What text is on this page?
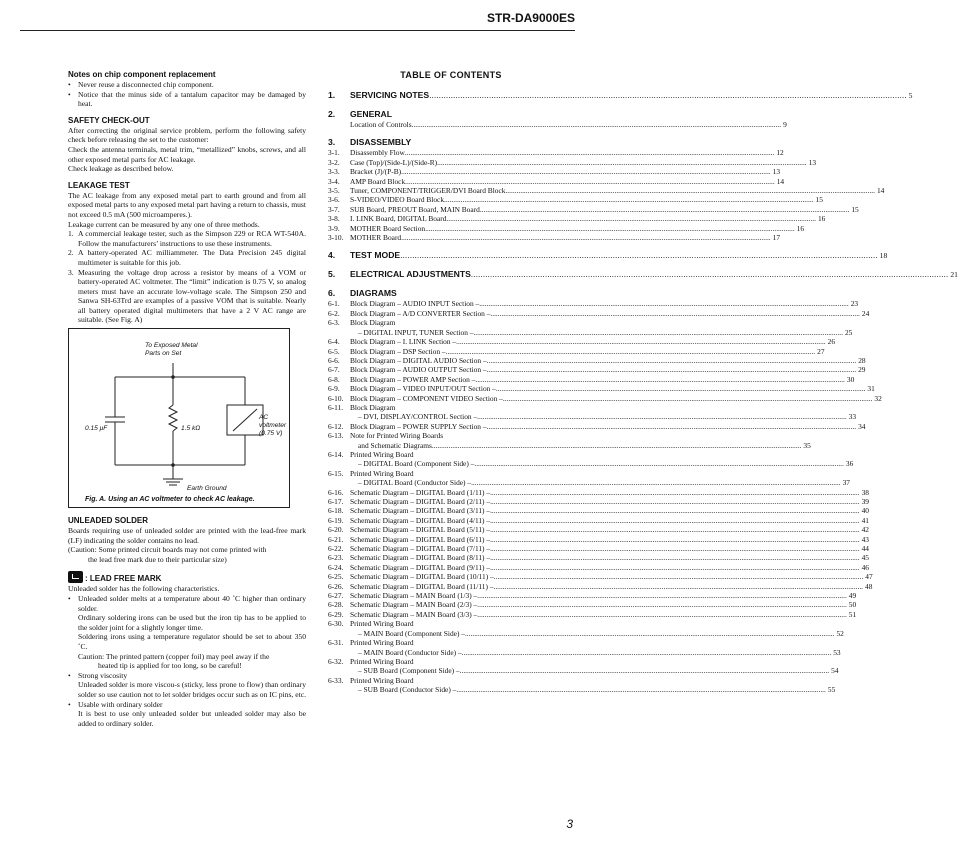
STR-DA9000ES

Notes on chip component replacement

• Never reuse a disconnected chip component.

• Notice that the minus side of a tantalum capacitor may be damaged by heat.

SAFETY CHECK-OUT

After correcting the original service problem, perform the following safety check before releasing the set to the customer:

Check the antenna terminals, metal trim, “metallized” knobs, screws, and all other exposed metal parts for AC leakage.

Check leakage as described below.

LEAKAGE TEST

The AC leakage from any exposed metal part to earth ground and from all exposed metal parts to any exposed metal part having a return to chassis, must not exceed 0.5 mA (500 microamperes.).

Leakage current can be measured by any one of three methods.

1. A commercial leakage tester, such as the Simpson 229 or RCA WT-540A. Follow the manufacturers’ instructions to use these instruments.

2. A battery-operated AC milliammeter. The Data Precision 245 digital multimeter is suitable for this job.

3. Measuring the voltage drop across a resistor by means of a VOM or battery-operated AC voltmeter. The “limit” indication is 0.75 V, so analog meters must have an accurate low-voltage scale. The Simpson 250 and Sanwa SH-63Trd are examples of a passive VOM that is suitable. Nearly all battery operated digital multimeters that have a 2 V AC range are suitable. (See Fig. A)

To Exposed Metal
Parts on Set
0.15 μF	1.5 kΩ
AC
voltmeter
(0.75 V)
Earth Ground
Fig. A. Using an AC voltmeter to check AC leakage.

UNLEADED SOLDER

Boards requiring use of unleaded solder are printed with the lead-free mark (LF) indicating the solder contains no lead.

(Caution: Some printed circuit boards may not come printed with

the lead free mark due to their particular size)

: LEAD FREE MARK

Unleaded solder has the following characteristics.

• Unleaded solder melts at a temperature about 40 ˚C higher than ordinary solder.

Ordinary soldering irons can be used but the iron tip has to be applied to the solder joint for a slightly longer time.

Soldering irons using a temperature regulator should be set to about 350 ˚C.

Caution: The printed pattern (copper foil) may peel away if the

heated tip is applied for too long, so be careful!

• Strong viscosity

Unleaded solder is more viscou-s (sticky, less prone to flow) than ordinary solder so use caution not to let solder bridges occur such as on IC pins, etc.

• Usable with ordinary solder

It is best to use only unleaded solder but unleaded solder may also be added to ordinary solder.

TABLE OF CONTENTS
1.	SERVICING NOTES ........................................................................................................................................................................................................ 5
2.	GENERAL
Location of Controls ........................................................................................................................................................................................................ 9
3.	DISASSEMBLY
3-1.	Disassembly Flow ........................................................................................................................................................................................................ 12
3-2.	Case (Top)/(Side-L)/(Side-R) ........................................................................................................................................................................................................ 13
3-3.	Bracket (J)/(P-B) ........................................................................................................................................................................................................ 13
3-4.	AMP Board Block ........................................................................................................................................................................................................ 14
3-5.	Tuner, COMPONENT/TRIGGER/DVI Board Block ........................................................................................................................................................................................................ 14
3-6.	S-VIDEO/VIDEO Board Block ........................................................................................................................................................................................................ 15
3-7.	SUB Board, PREOUT Board, MAIN Board ........................................................................................................................................................................................................ 15
3-8.	I. LINK Board, DIGITAL Board ........................................................................................................................................................................................................ 16
3-9.	MOTHER Board Section ........................................................................................................................................................................................................ 16
3-10. MOTHER Board ........................................................................................................................................................................................................ 17
4.	TEST MODE ........................................................................................................................................................................................................ 18
5.	ELECTRICAL ADJUSTMENTS ........................................................................................................................................................................................................ 21
6.	DIAGRAMS
6-1.	Block Diagram – AUDIO INPUT Section – ........................................................................................................................................................................................................ 23
6-2.	Block Diagram – A/D CONVERTER Section – ........................................................................................................................................................................................................ 24
6-3.	Block Diagram
– DIGITAL INPUT, TUNER Section – ........................................................................................................................................................................................................ 25
6-4.	Block Diagram – I. LINK Section – ........................................................................................................................................................................................................ 26
6-5.	Block Diagram – DSP Section – ........................................................................................................................................................................................................ 27
6-6.	Block Diagram – DIGITAL AUDIO Section – ........................................................................................................................................................................................................ 28
6-7.	Block Diagram – AUDIO OUTPUT Section – ........................................................................................................................................................................................................ 29
6-8.	Block Diagram – POWER AMP Section – ........................................................................................................................................................................................................ 30
6-9.	Block Diagram – VIDEO INPUT/OUT Section – ........................................................................................................................................................................................................ 31
6-10. Block Diagram – COMPONENT VIDEO Section – ........................................................................................................................................................................................................ 32
6-11. Block Diagram
– DVI, DISPLAY/CONTROL Section – ........................................................................................................................................................................................................ 33
6-12. Block Diagram – POWER SUPPLY Section – ........................................................................................................................................................................................................ 34
6-13. Note for Printed Wiring Boards
and Schematic Diagrams ........................................................................................................................................................................................................ 35
6-14. Printed Wiring Board
– DIGITAL Board (Component Side) – ........................................................................................................................................................................................................ 36
6-15. Printed Wiring Board
– DIGITAL Board (Conductor Side) – ........................................................................................................................................................................................................ 37
6-16. Schematic Diagram – DIGITAL Board (1/11) – ........................................................................................................................................................................................................ 38
6-17. Schematic Diagram – DIGITAL Board (2/11) – ........................................................................................................................................................................................................ 39
6-18. Schematic Diagram – DIGITAL Board (3/11) – ........................................................................................................................................................................................................ 40
6-19. Schematic Diagram – DIGITAL Board (4/11) – ........................................................................................................................................................................................................ 41
6-20. Schematic Diagram – DIGITAL Board (5/11) – ........................................................................................................................................................................................................ 42
6-21. Schematic Diagram – DIGITAL Board (6/11) – ........................................................................................................................................................................................................ 43
6-22. Schematic Diagram – DIGITAL Board (7/11) – ........................................................................................................................................................................................................ 44
6-23. Schematic Diagram – DIGITAL Board (8/11) – ........................................................................................................................................................................................................ 45
6-24. Schematic Diagram – DIGITAL Board (9/11) – ........................................................................................................................................................................................................ 46
6-25. Schematic Diagram – DIGITAL Board (10/11) – ........................................................................................................................................................................................................ 47
6-26. Schematic Diagram – DIGITAL Board (11/11) – ........................................................................................................................................................................................................ 48
6-27. Schematic Diagram – MAIN Board (1/3) – ........................................................................................................................................................................................................ 49
6-28. Schematic Diagram – MAIN Board (2/3) – ........................................................................................................................................................................................................ 50
6-29. Schematic Diagram – MAIN Board (3/3) – ........................................................................................................................................................................................................ 51
6-30. Printed Wiring Board
– MAIN Board (Component Side) – ........................................................................................................................................................................................................ 52
6-31. Printed Wiring Board
– MAIN Board (Conductor Side) – ........................................................................................................................................................................................................ 53
6-32. Printed Wiring Board
– SUB Board (Component Side) – ........................................................................................................................................................................................................ 54
6-33. Printed Wiring Board
– SUB Board (Conductor Side) – ........................................................................................................................................................................................................ 55
3
